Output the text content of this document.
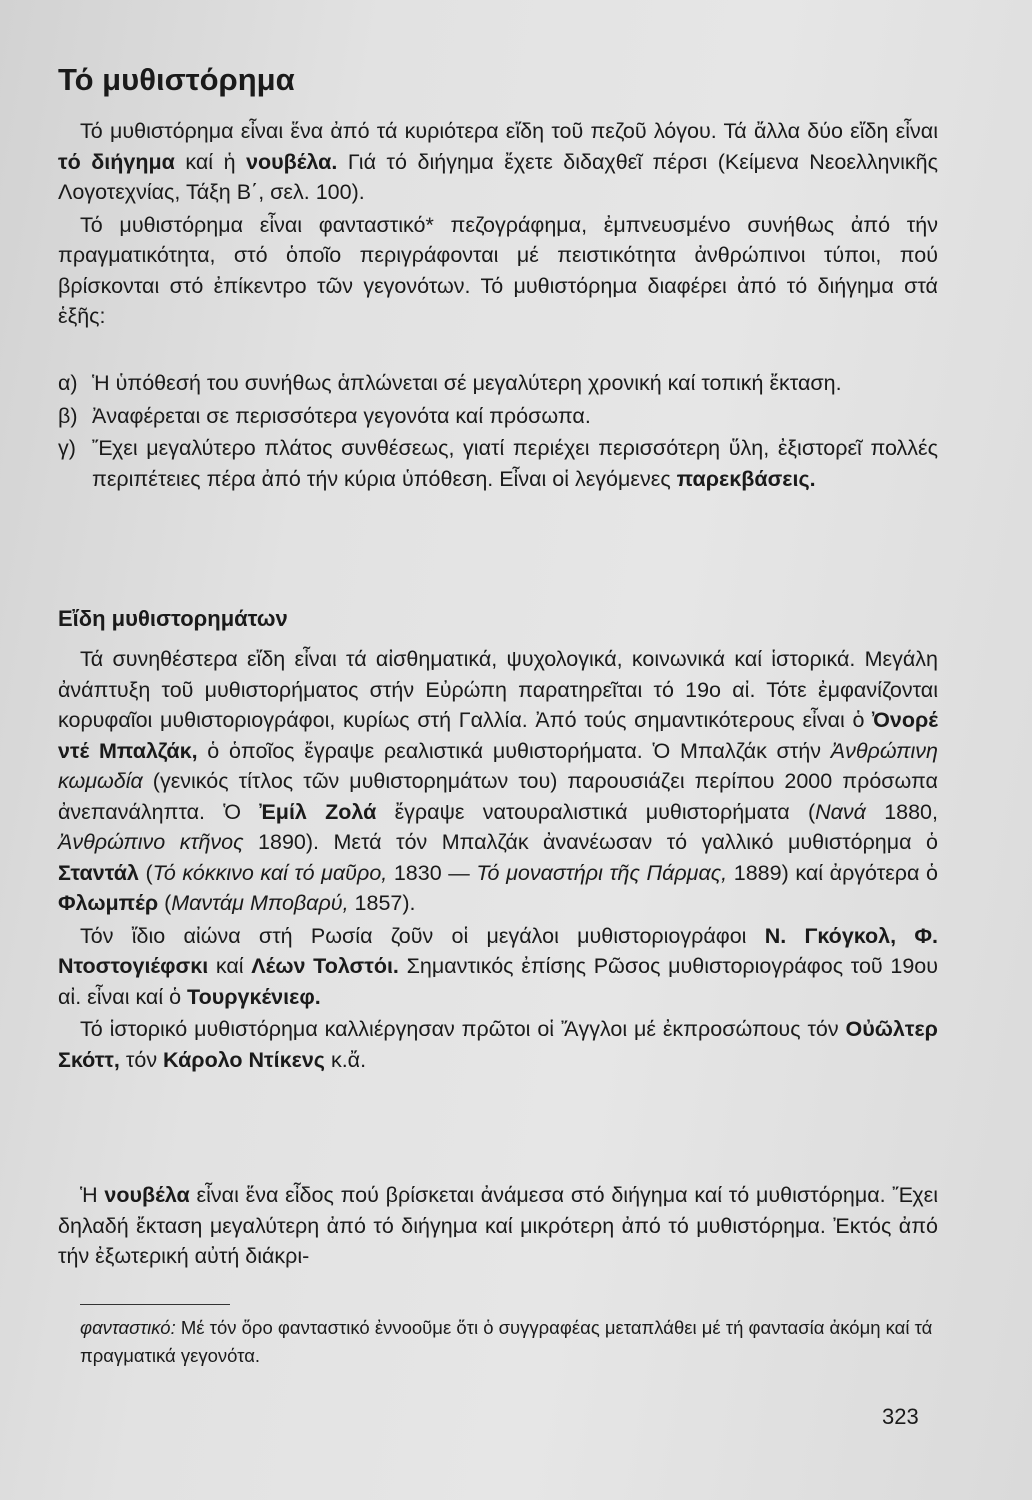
Τό μυθιστόρημα

Τό μυθιστόρημα εἶναι ἕνα ἀπό τά κυριότερα εἴδη τοῦ πεζοῦ λόγου. Τά ἄλλα δύο εἴδη εἶναι τό διήγημα καί ἡ νουβέλα. Γιά τό διήγημα ἔχετε διδαχθεῖ πέρσι (Κείμενα Νεοελληνικῆς Λογοτεχνίας, Τάξη Β΄, σελ. 100).

Τό μυθιστόρημα εἶναι φανταστικό* πεζογράφημα, ἐμπνευσμένο συνήθως ἀπό τήν πραγματικότητα, στό ὁποῖο περιγράφονται μέ πειστικότητα ἀνθρώπινοι τύποι, πού βρίσκονται στό ἐπίκεντρο τῶν γεγονότων. Τό μυθιστόρημα διαφέρει ἀπό τό διήγημα στά ἑξῆς:

α) Ἡ ὑπόθεσή του συνήθως ἁπλώνεται σέ μεγαλύτερη χρονική καί τοπική ἔκταση.
β) Ἀναφέρεται σε περισσότερα γεγονότα καί πρόσωπα.
γ) Ἔχει μεγαλύτερο πλάτος συνθέσεως, γιατί περιέχει περισσότερη ὕλη, ἐξιστορεῖ πολλές περιπέτειες πέρα ἀπό τήν κύρια ὑπόθεση. Εἶναι οἱ λεγόμενες παρεκβάσεις.
Εἴδη μυθιστορημάτων

Τά συνηθέστερα εἴδη εἶναι τά αἰσθηματικά, ψυχολογικά, κοινωνικά καί ἱστορικά. Μεγάλη ἀνάπτυξη τοῦ μυθιστορήματος στήν Εὐρώπη παρατηρεῖται τό 19ο αἰ. Τότε ἐμφανίζονται κορυφαῖοι μυθιστοριογράφοι, κυρίως στή Γαλλία. Ἀπό τούς σημαντικότερους εἶναι ὁ Ὀνορέ ντέ Μπαλζάκ, ὁ ὁποῖος ἔγραψε ρεαλιστικά μυθιστορήματα. Ὁ Μπαλζάκ στήν Ἀνθρώπινη κωμωδία (γενικός τίτλος τῶν μυθιστορημάτων του) παρουσιάζει περίπου 2000 πρόσωπα ἀνεπανάληπτα. Ὁ Ἐμίλ Ζολά ἔγραψε νατουραλιστικά μυθιστορήματα (Νανά 1880, Ἀνθρώπινο κτῆνος 1890). Μετά τόν Μπαλζάκ ἀνανέωσαν τό γαλλικό μυθιστόρημα ὁ Σταντάλ (Τό κόκκινο καί τό μαῦρο, 1830 — Τό μοναστήρι τῆς Πάρμας, 1889) καί ἀργότερα ὁ Φλωμπέρ (Μαντάμ Μποβαρύ, 1857).

Τόν ἴδιο αἰώνα στή Ρωσία ζοῦν οἱ μεγάλοι μυθιστοριογράφοι Ν. Γκόγκολ, Φ. Ντοστογιέφσκι καί Λέων Τολστόι. Σημαντικός ἐπίσης Ρῶσος μυθιστοριογράφος τοῦ 19ου αἰ. εἶναι καί ὁ Τουργκένιεφ.

Τό ἱστορικό μυθιστόρημα καλλιέργησαν πρῶτοι οἱ Ἄγγλοι μέ ἐκπροσώπους τόν Οὐῶλτερ Σκόττ, τόν Κάρολο Ντίκενς κ.ἄ.

Ἡ νουβέλα εἶναι ἕνα εἶδος πού βρίσκεται ἀνάμεσα στό διήγημα καί τό μυθιστόρημα. Ἔχει δηλαδή ἔκταση μεγαλύτερη ἀπό τό διήγημα καί μικρότερη ἀπό τό μυθιστόρημα. Ἐκτός ἀπό τήν ἐξωτερική αὐτή διάκρι-

φανταστικό: Μέ τόν ὅρο φανταστικό ἐννοοῦμε ὅτι ὁ συγγραφέας μεταπλάθει μέ τή φαντασία ἀκόμη καί τά πραγματικά γεγονότα.
323
